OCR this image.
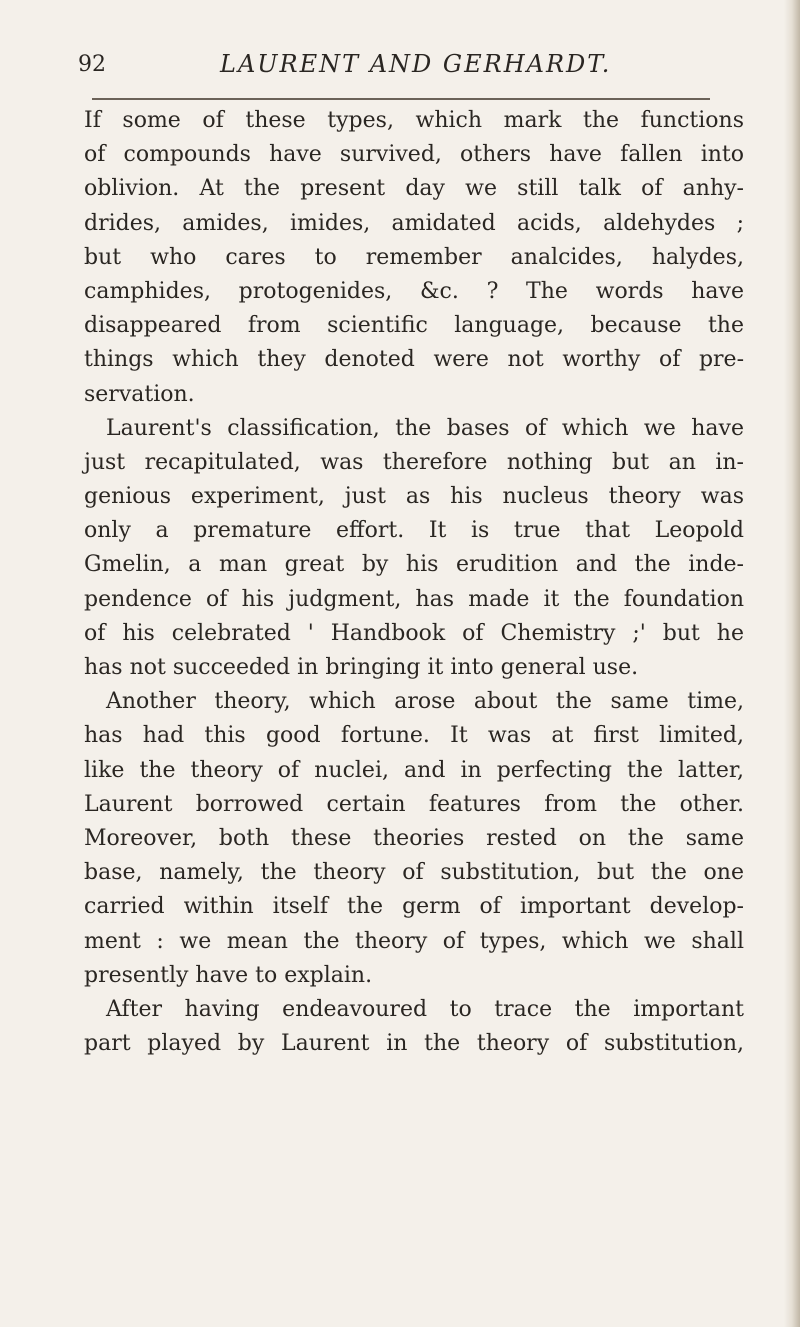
92	LAURENT AND GERHARDT.
If some of these types, which mark the functions
of compounds have survived, others have fallen into
oblivion. At the present day we still talk of anhy-
drides, amides, imides, amidated acids, aldehydes ;
but who cares to remember analcides, halydes,
camphides, protogenides, &c. ? The words have
disappeared from scientific language, because the
things which they denoted were not worthy of pre-
servation.
Laurent's classification, the bases of which we have
just recapitulated, was therefore nothing but an in-
genious experiment, just as his nucleus theory was
only a premature effort. It is true that Leopold
Gmelin, a man great by his erudition and the inde-
pendence of his judgment, has made it the foundation
of his celebrated ' Handbook of Chemistry ;' but he
has not succeeded in bringing it into general use.
Another theory, which arose about the same time,
has had this good fortune. It was at first limited,
like the theory of nuclei, and in perfecting the latter,
Laurent borrowed certain features from the other.
Moreover, both these theories rested on the same
base, namely, the theory of substitution, but the one
carried within itself the germ of important develop-
ment : we mean the theory of types, which we shall
presently have to explain.
After having endeavoured to trace the important
part played by Laurent in the theory of substitution,
